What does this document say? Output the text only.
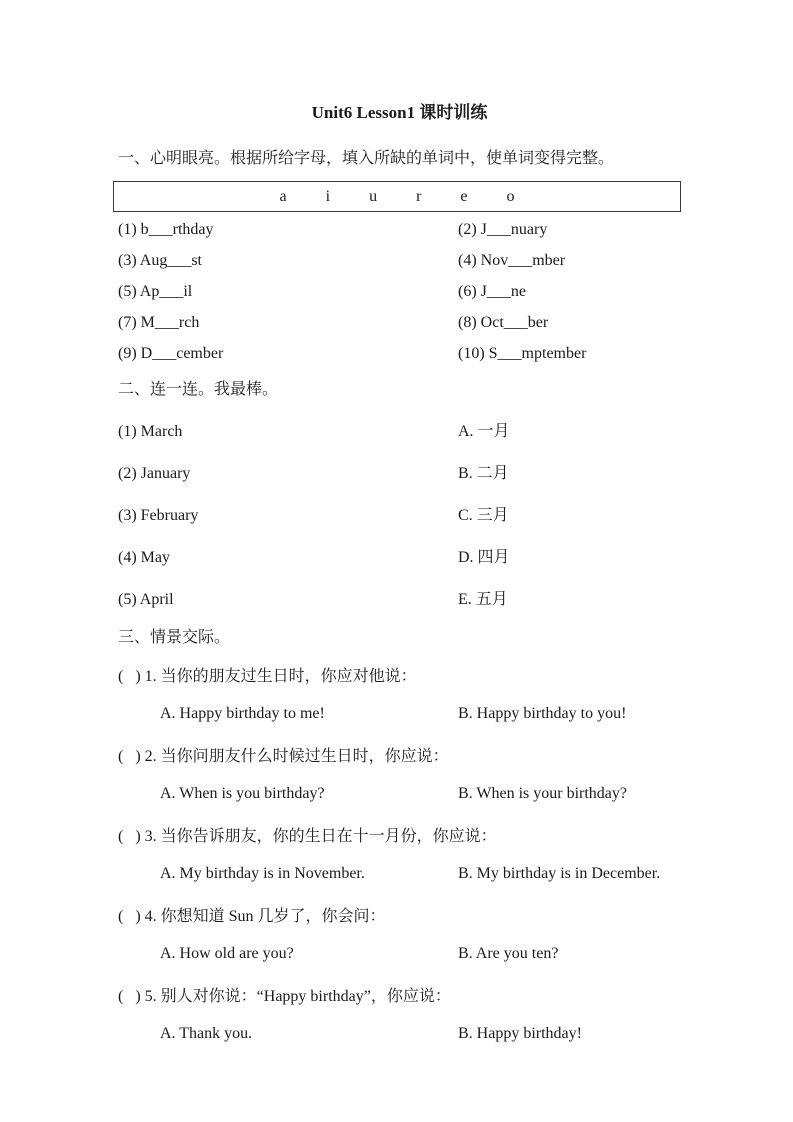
Unit6 Lesson1 课时训练

一、心明眼亮。根据所给字母，填入所缺的单词中，使单词变得完整。

a i u r e o
(1) b___rthday	(2) J___nuary
(3) Aug___st	(4) Nov___mber
(5) Ap___il	(6) J___ne
(7) M___rch	(8) Oct___ber
(9) D___cember	(10) S___mptember

二、连一连。我最棒。

(1) March	A. 一月
(2) January	B. 二月
(3) February	C. 三月
(4) May	D. 四月
(5) April	E. 五月

三、情景交际。

(   ) 1. 当你的朋友过生日时，你应对他说：

A. Happy birthday to me!	B. Happy birthday to you!

(   ) 2. 当你问朋友什么时候过生日时，你应说：

A. When is you birthday?	B. When is your birthday?

(   ) 3. 当你告诉朋友，你的生日在十一月份，你应说：

A. My birthday is in November.	B. My birthday is in December.

(   ) 4. 你想知道 Sun 几岁了，你会问：

A. How old are you?	B. Are you ten?

(   ) 5. 别人对你说：“Happy birthday”，你应说：

A. Thank you.	B. Happy birthday!
